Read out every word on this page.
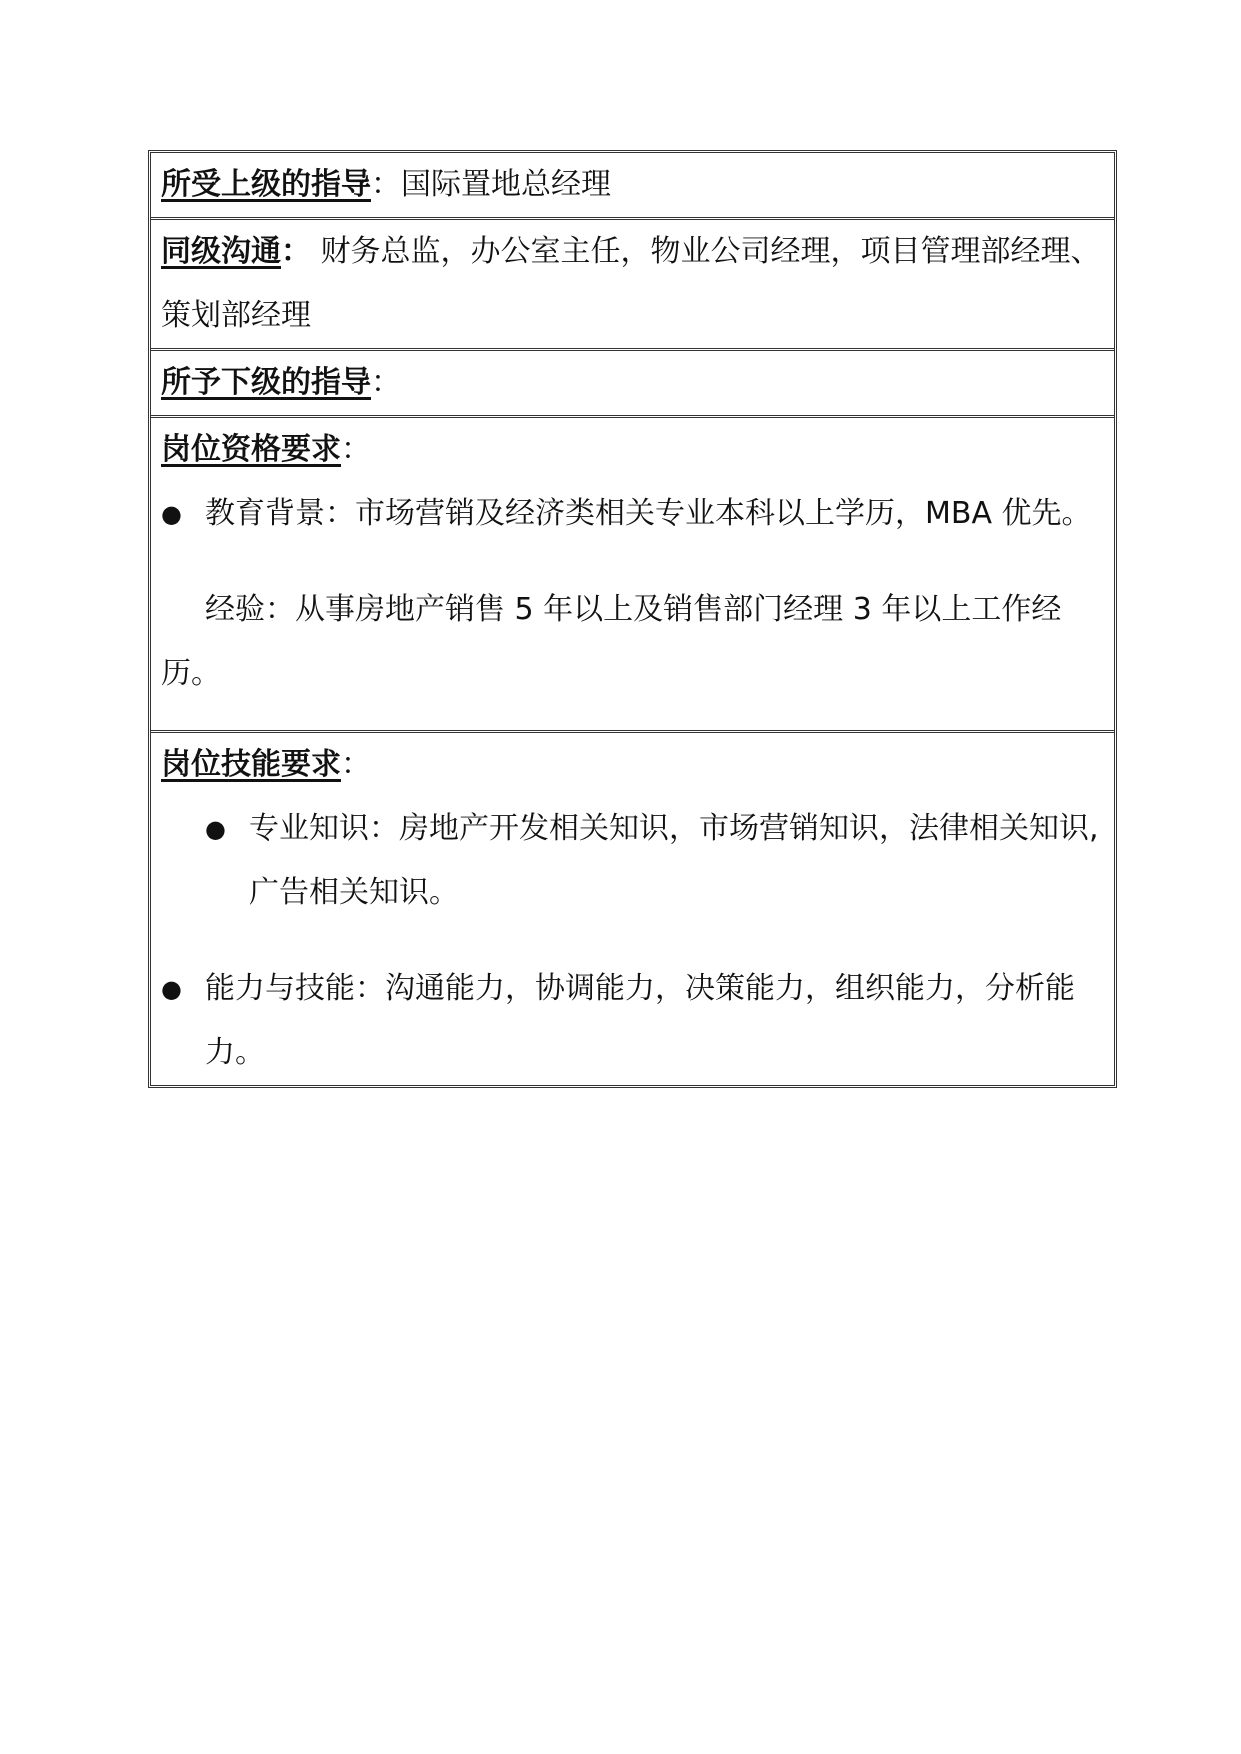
所受上级的指导：国际置地总经理
同级沟通： 财务总监，办公室主任，物业公司经理，项目管理部经理、策划部经理
所予下级的指导：
岗位资格要求：
● 教育背景：市场营销及经济类相关专业本科以上学历，MBA 优先。
经验：从事房地产销售 5 年以上及销售部门经理 3 年以上工作经历。
岗位技能要求：
● 专业知识：房地产开发相关知识，市场营销知识，法律相关知识,广告相关知识。
● 能力与技能：沟通能力，协调能力，决策能力，组织能力，分析能力。
